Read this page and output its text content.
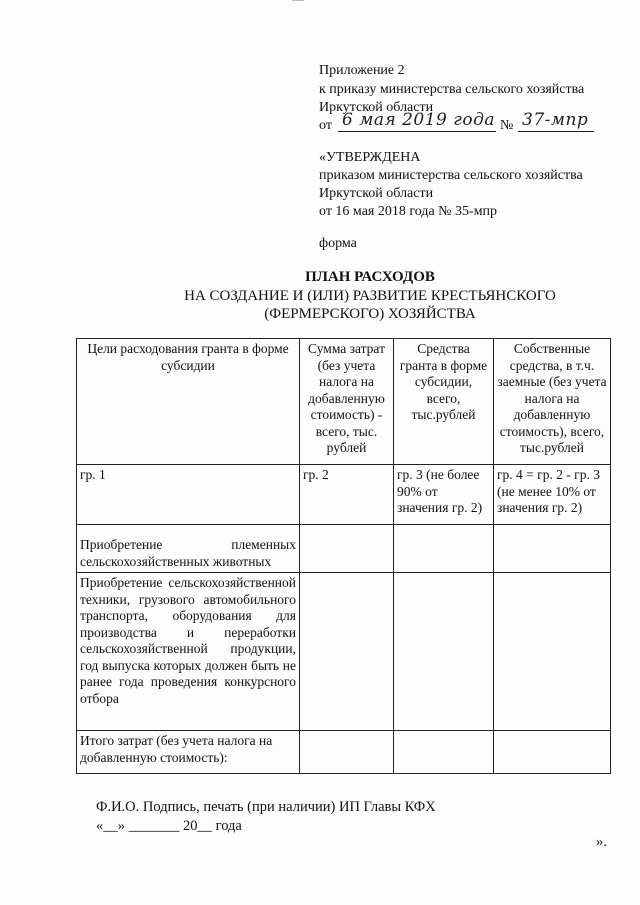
Приложение 2
к приказу министерства сельского хозяйства
Иркутской области
от 6 мая 2019 года № 37-мпр
«УТВЕРЖДЕНА
приказом министерства сельского хозяйства
Иркутской области
от 16 мая 2018 года № 35-мпр
форма
ПЛАН РАСХОДОВ
НА СОЗДАНИЕ И (ИЛИ) РАЗВИТИЕ КРЕСТЬЯНСКОГО
(ФЕРМЕРСКОГО) ХОЗЯЙСТВА
Цели расходования гранта в форме субсидии	Сумма затрат (без учета налога на добавленную стоимость) - всего, тыс. рублей	Средства гранта в форме субсидии, всего, тыс.рублей	Собственные средства, в т.ч. заемные (без учета налога на добавленную стоимость), всего, тыс.рублей
гр. 1	гр. 2	гр. 3 (не более 90% от значения гр. 2)	гр. 4 = гр. 2 - гр. 3 (не менее 10% от значения гр. 2)
Приобретение племенных сельскохозяйственных животных			
Приобретение сельскохозяйственной техники, грузового автомобильного транспорта, оборудования для производства и переработки сельскохозяйственной продукции, год выпуска которых должен быть не ранее года проведения конкурсного отбора			
Итого затрат (без учета налога на добавленную стоимость):			
Ф.И.О. Подпись, печать (при наличии) ИП Главы КФХ
«__» _______ 20__ года
».
